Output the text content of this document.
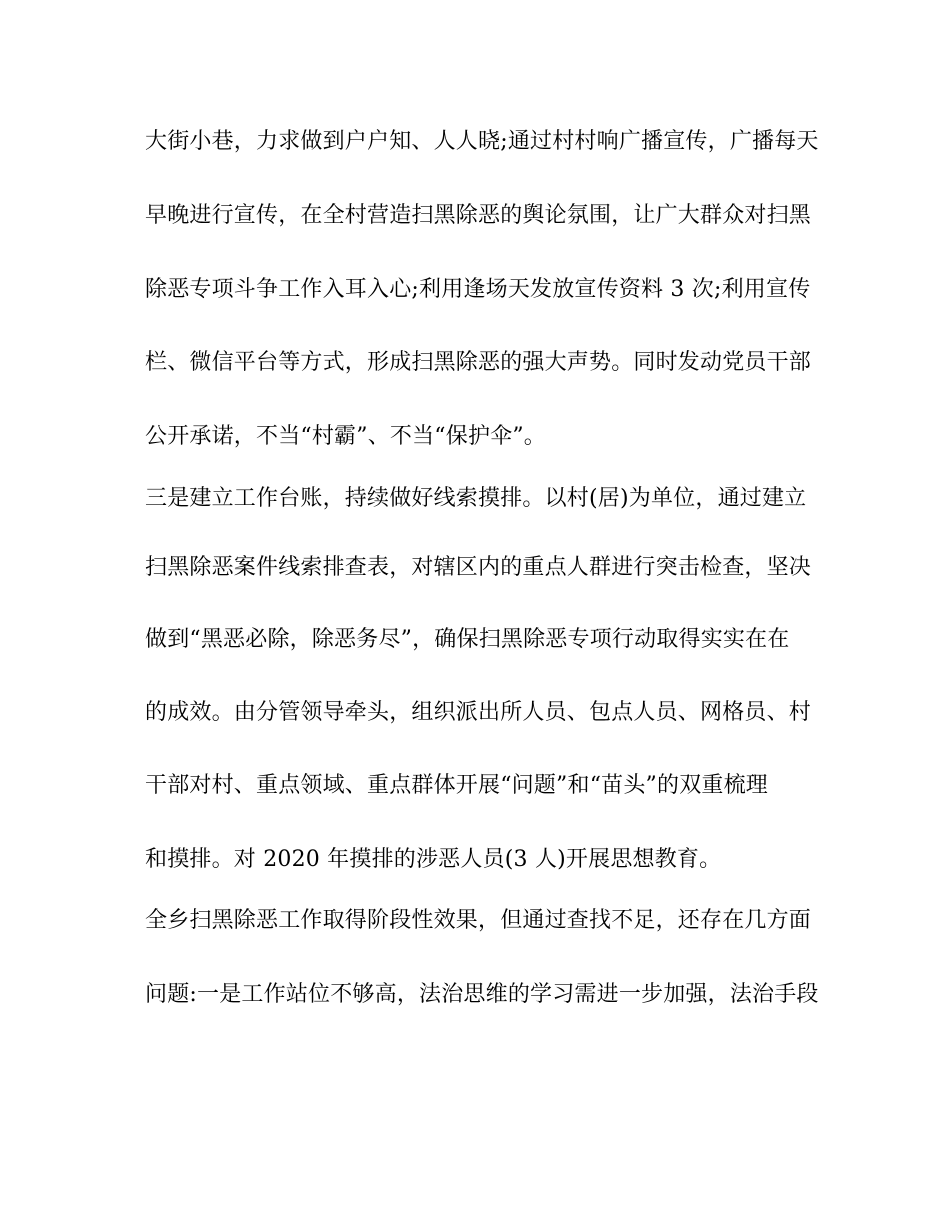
大街小巷，力求做到户户知、人人晓;通过村村响广播宣传，广播每天
早晚进行宣传，在全村营造扫黑除恶的舆论氛围，让广大群众对扫黑
除恶专项斗争工作入耳入心;利用逢场天发放宣传资料 3 次;利用宣传
栏、微信平台等方式，形成扫黑除恶的强大声势。同时发动党员干部
公开承诺，不当“村霸”、不当“保护伞”。
三是建立工作台账，持续做好线索摸排。以村(居)为单位，通过建立
扫黑除恶案件线索排查表，对辖区内的重点人群进行突击检查，坚决
做到“黑恶必除，除恶务尽”，确保扫黑除恶专项行动取得实实在在
的成效。由分管领导牵头，组织派出所人员、包点人员、网格员、村
干部对村、重点领域、重点群体开展“问题”和“苗头”的双重梳理
和摸排。对 2020 年摸排的涉恶人员(3 人)开展思想教育。
全乡扫黑除恶工作取得阶段性效果，但通过查找不足，还存在几方面
问题:一是工作站位不够高，法治思维的学习需进一步加强，法治手段
